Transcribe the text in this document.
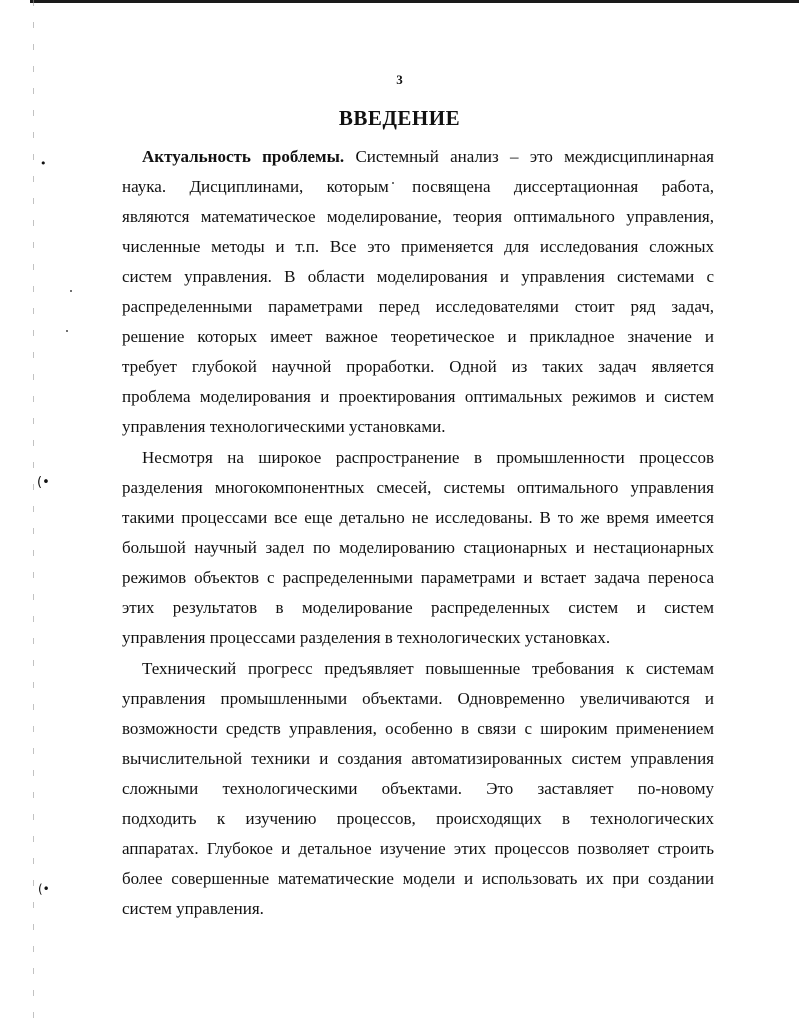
•
(•
(•
3
ВВЕДЕНИЕ

Актуальность проблемы. Системный анализ – это междисциплинарная
наука. Дисциплинами, которым посвящена диссертационная работа,
являются математическое моделирование, теория оптимального управления,
численные методы и т.п. Все это применяется для исследования сложных
систем управления. В области моделирования и управления системами с
распределенными параметрами перед исследователями стоит ряд задач,
решение которых имеет важное теоретическое и прикладное значение и
требует глубокой научной проработки. Одной из таких задач является
проблема моделирования и проектирования оптимальных режимов и систем
управления технологическими установками.

Несмотря на широкое распространение в промышленности процессов
разделения многокомпонентных смесей, системы оптимального управления
такими процессами все еще детально не исследованы. В то же время имеется
большой научный задел по моделированию стационарных и нестационарных
режимов объектов с распределенными параметрами и встает задача переноса
этих результатов в моделирование распределенных систем и систем
управления процессами разделения в технологических установках.

Технический прогресс предъявляет повышенные требования к системам
управления промышленными объектами. Одновременно увеличиваются и
возможности средств управления, особенно в связи с широким применением
вычислительной техники и создания автоматизированных систем управления
сложными технологическими объектами. Это заставляет по-новому
подходить к изучению процессов, происходящих в технологических
аппаратах. Глубокое и детальное изучение этих процессов позволяет строить
более совершенные математические модели и использовать их при создании
систем управления.
